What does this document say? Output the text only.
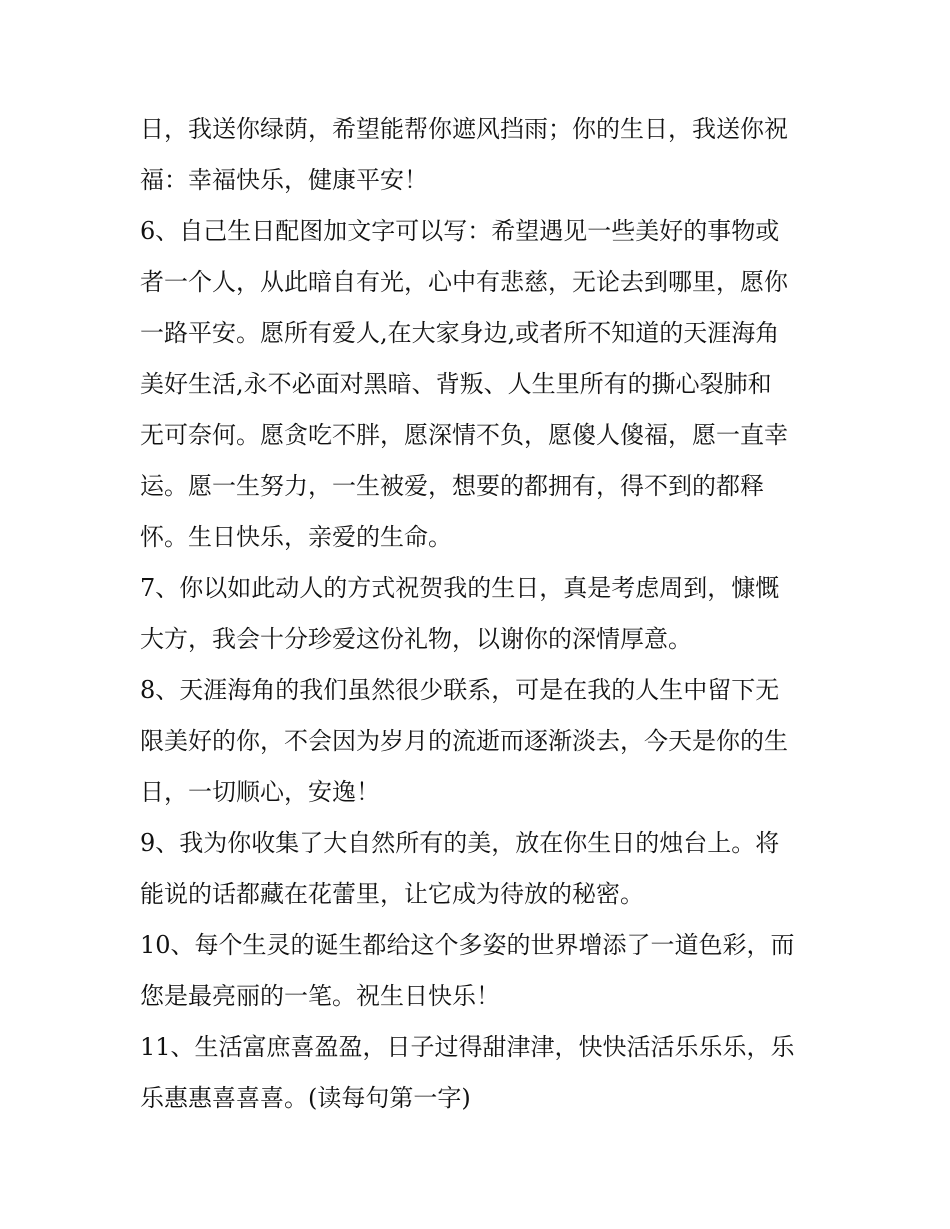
日，我送你绿荫，希望能帮你遮风挡雨；你的生日，我送你祝
福：幸福快乐，健康平安！
6、自己生日配图加文字可以写：希望遇见一些美好的事物或
者一个人，从此暗自有光，心中有悲慈，无论去到哪里，愿你
一路平安。愿所有爱人,在大家身边,或者所不知道的天涯海角
美好生活,永不必面对黑暗、背叛、人生里所有的撕心裂肺和
无可奈何。愿贪吃不胖，愿深情不负，愿傻人傻福，愿一直幸
运。愿一生努力，一生被爱，想要的都拥有，得不到的都释
怀。生日快乐，亲爱的生命。
7、你以如此动人的方式祝贺我的生日，真是考虑周到，慷慨
大方，我会十分珍爱这份礼物，以谢你的深情厚意。
8、天涯海角的我们虽然很少联系，可是在我的人生中留下无
限美好的你，不会因为岁月的流逝而逐渐淡去，今天是你的生
日，一切顺心，安逸！
9、我为你收集了大自然所有的美，放在你生日的烛台上。将
能说的话都藏在花蕾里，让它成为待放的秘密。
10、每个生灵的诞生都给这个多姿的世界增添了一道色彩，而
您是最亮丽的一笔。祝生日快乐！
11、生活富庶喜盈盈，日子过得甜津津，快快活活乐乐乐，乐
乐惠惠喜喜喜。(读每句第一字)
